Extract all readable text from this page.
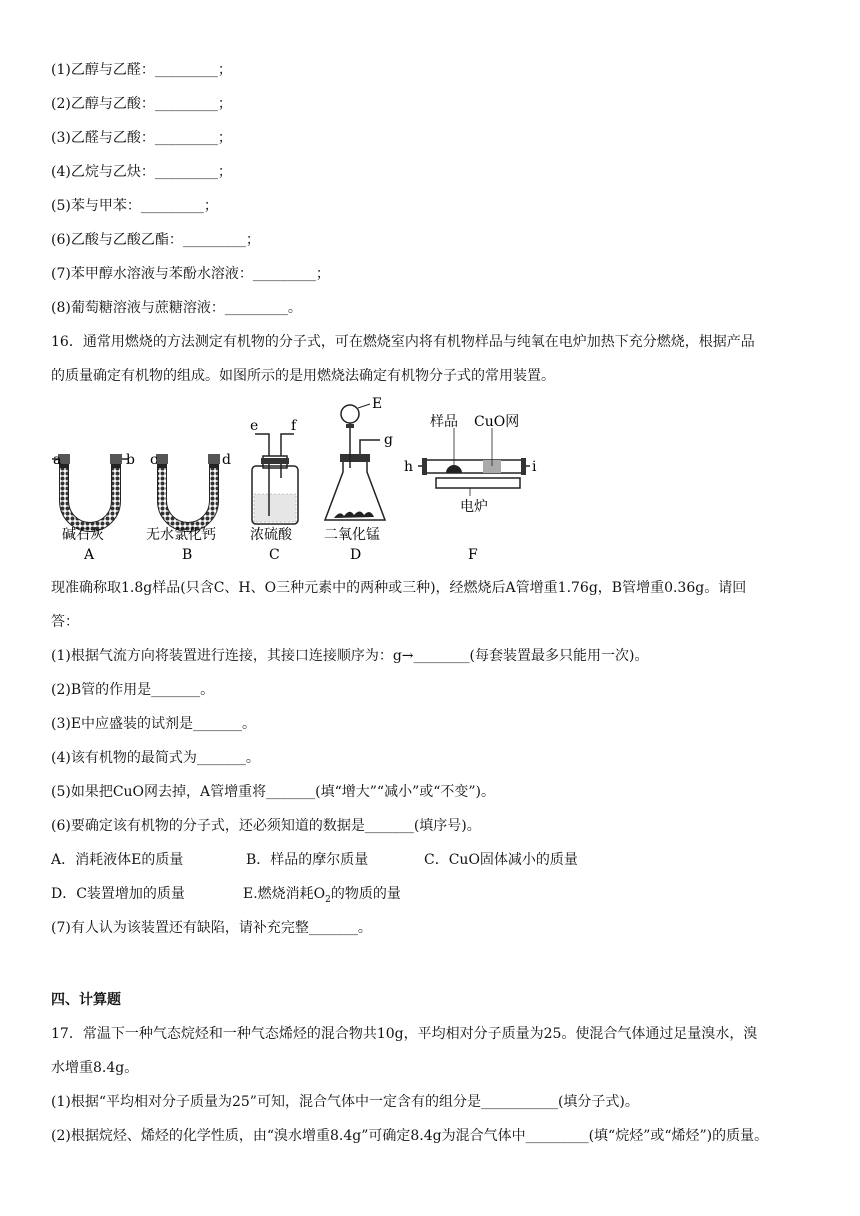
(1)乙醇与乙醛：_________；
(2)乙醇与乙酸：_________；
(3)乙醛与乙酸：_________；
(4)乙烷与乙炔：_________；
(5)苯与甲苯：_________；
(6)乙酸与乙酸乙酯：_________；
(7)苯甲醇水溶液与苯酚水溶液：_________；
(8)葡萄糖溶液与蔗糖溶液：_________。
16．通常用燃烧的方法测定有机物的分子式，可在燃烧室内将有机物样品与纯氧在电炉加热下充分燃烧，根据产品
的质量确定有机物的组成。如图所示的是用燃烧法确定有机物分子式的常用装置。
a	b
碱石灰
A
c	d
无水氯化钙
B
e f
浓硫酸
C
E
g
二氧化锰
D
h	i
样品 CuO网
电炉
F
现准确称取1.8g样品(只含C、H、O三种元素中的两种或三种)，经燃烧后A管增重1.76g，B管增重0.36g。请回
答：
(1)根据气流方向将装置进行连接，其接口连接顺序为：g→________(每套装置最多只能用一次)。
(2)B管的作用是_______。
(3)E中应盛装的试剂是_______。
(4)该有机物的最简式为_______。
(5)如果把CuO网去掉，A管增重将_______(填“增大”“减小”或“不变”)。
(6)要确定该有机物的分子式，还必须知道的数据是_______(填序号)。
A．消耗液体E的质量	B．样品的摩尔质量	C．CuO固体减小的质量
D．C装置增加的质量	E.燃烧消耗$O_2$的物质的量
(7)有人认为该装置还有缺陷，请补充完整_______。
四、计算题
17．常温下一种气态烷烃和一种气态烯烃的混合物共10g，平均相对分子质量为25。使混合气体通过足量溴水，溴
水增重8.4g。
(1)根据“平均相对分子质量为25”可知，混合气体中一定含有的组分是___________(填分子式)。
(2)根据烷烃、烯烃的化学性质，由“溴水增重8.4g”可确定8.4g为混合气体中_________(填“烷烃”或“烯烃”)的质量。
